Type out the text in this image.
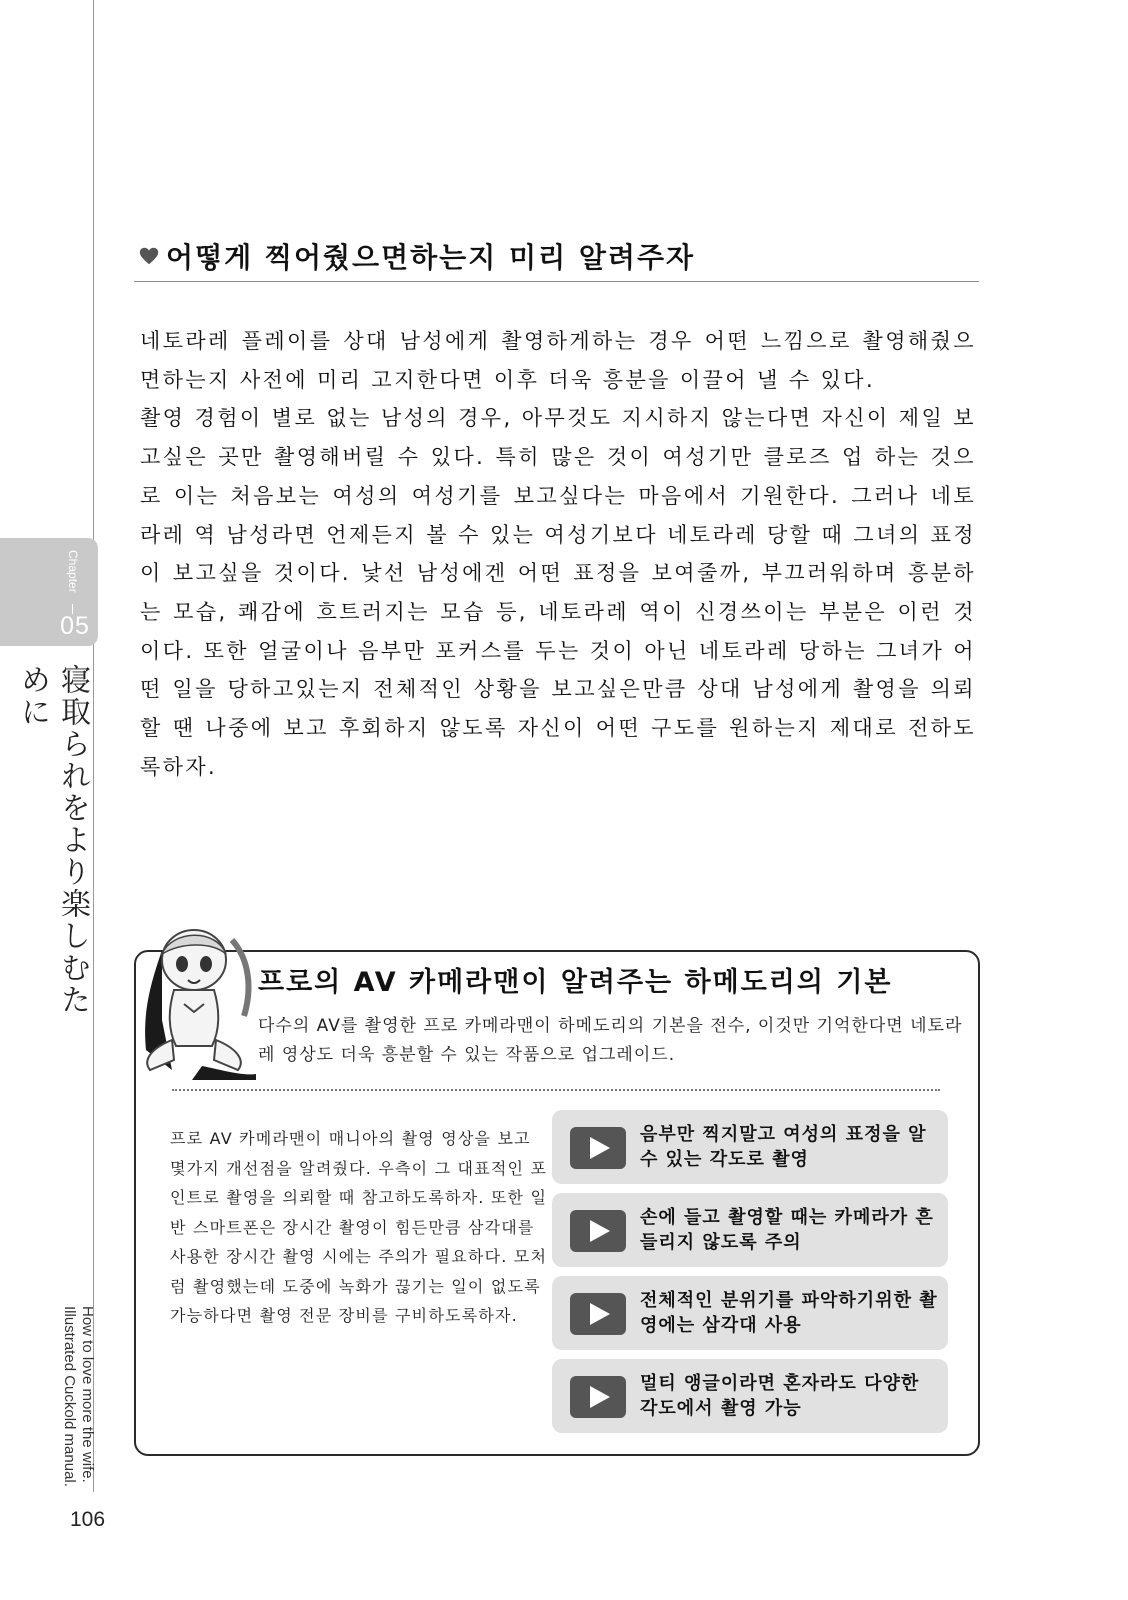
Chapter
05
寝取られをより楽しむために
How to love more the wife. Illustrated Cuckold manual.
106
어떻게 찍어줬으면하는지 미리 알려주자

네토라레 플레이를 상대 남성에게 촬영하게하는 경우 어떤 느낌으로 촬영해줬으면하는지 사전에 미리 고지한다면 이후 더욱 흥분을 이끌어 낼 수 있다.

촬영 경험이 별로 없는 남성의 경우, 아무것도 지시하지 않는다면 자신이 제일 보고싶은 곳만 촬영해버릴 수 있다. 특히 많은 것이 여성기만 클로즈 업 하는 것으로 이는 처음보는 여성의 여성기를 보고싶다는 마음에서 기원한다. 그러나 네토라레 역 남성라면 언제든지 볼 수 있는 여성기보다 네토라레 당할 때 그녀의 표정이 보고싶을 것이다. 낯선 남성에겐 어떤 표정을 보여줄까, 부끄러워하며 흥분하는 모습, 쾌감에 흐트러지는 모습 등, 네토라레 역이 신경쓰이는 부분은 이런 것이다. 또한 얼굴이나 음부만 포커스를 두는 것이 아닌 네토라레 당하는 그녀가 어떤 일을 당하고있는지 전체적인 상황을 보고싶은만큼 상대 남성에게 촬영을 의뢰할 땐 나중에 보고 후회하지 않도록 자신이 어떤 구도를 원하는지 제대로 전하도록하자.

프로의 AV 카메라맨이 알려주는 하메도리의 기본
다수의 AV를 촬영한 프로 카메라맨이 하메도리의 기본을 전수, 이것만 기억한다면 네토라레 영상도 더욱 흥분할 수 있는 작품으로 업그레이드.
프로 AV 카메라맨이 매니아의 촬영 영상을 보고 몇가지 개선점을 알려줬다. 우측이 그 대표적인 포인트로 촬영을 의뢰할 때 참고하도록하자. 또한 일반 스마트폰은 장시간 촬영이 힘든만큼 삼각대를 사용한 장시간 촬영 시에는 주의가 필요하다. 모처럼 촬영했는데 도중에 녹화가 끊기는 일이 없도록 가능하다면 촬영 전문 장비를 구비하도록하자.
음부만 찍지말고 여성의 표정을 알 수 있는 각도로 촬영
손에 들고 촬영할 때는 카메라가 흔들리지 않도록 주의
전체적인 분위기를 파악하기위한 촬영에는 삼각대 사용
멀티 앵글이라면 혼자라도 다양한 각도에서 촬영 가능
